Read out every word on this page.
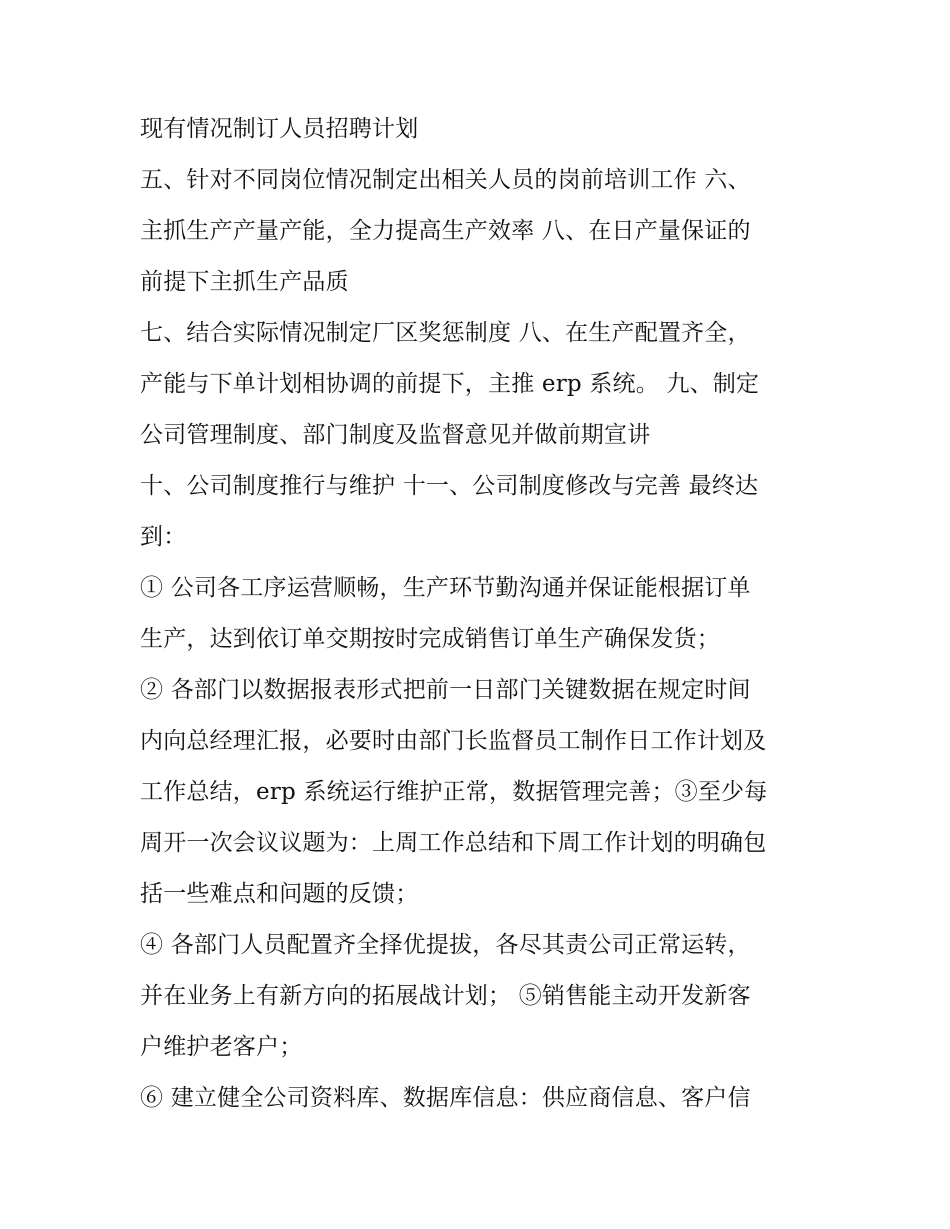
现有情况制订人员招聘计划
五、针对不同岗位情况制定出相关人员的岗前培训工作 六、
主抓生产产量产能，全力提高生产效率 八、在日产量保证的
前提下主抓生产品质
七、结合实际情况制定厂区奖惩制度 八、在生产配置齐全，
产能与下单计划相协调的前提下，主推 erp 系统。 九、制定
公司管理制度、部门制度及监督意见并做前期宣讲
十、公司制度推行与维护 十一、公司制度修改与完善 最终达
到：
① 公司各工序运营顺畅，生产环节勤沟通并保证能根据订单
生产，达到依订单交期按时完成销售订单生产确保发货；
② 各部门以数据报表形式把前一日部门关键数据在规定时间
内向总经理汇报，必要时由部门长监督员工制作日工作计划及
工作总结，erp 系统运行维护正常，数据管理完善；③至少每
周开一次会议议题为：上周工作总结和下周工作计划的明确包
括一些难点和问题的反馈；
④ 各部门人员配置齐全择优提拔，各尽其责公司正常运转，
并在业务上有新方向的拓展战计划； ⑤销售能主动开发新客
户维护老客户；
⑥ 建立健全公司资料库、数据库信息：供应商信息、客户信
